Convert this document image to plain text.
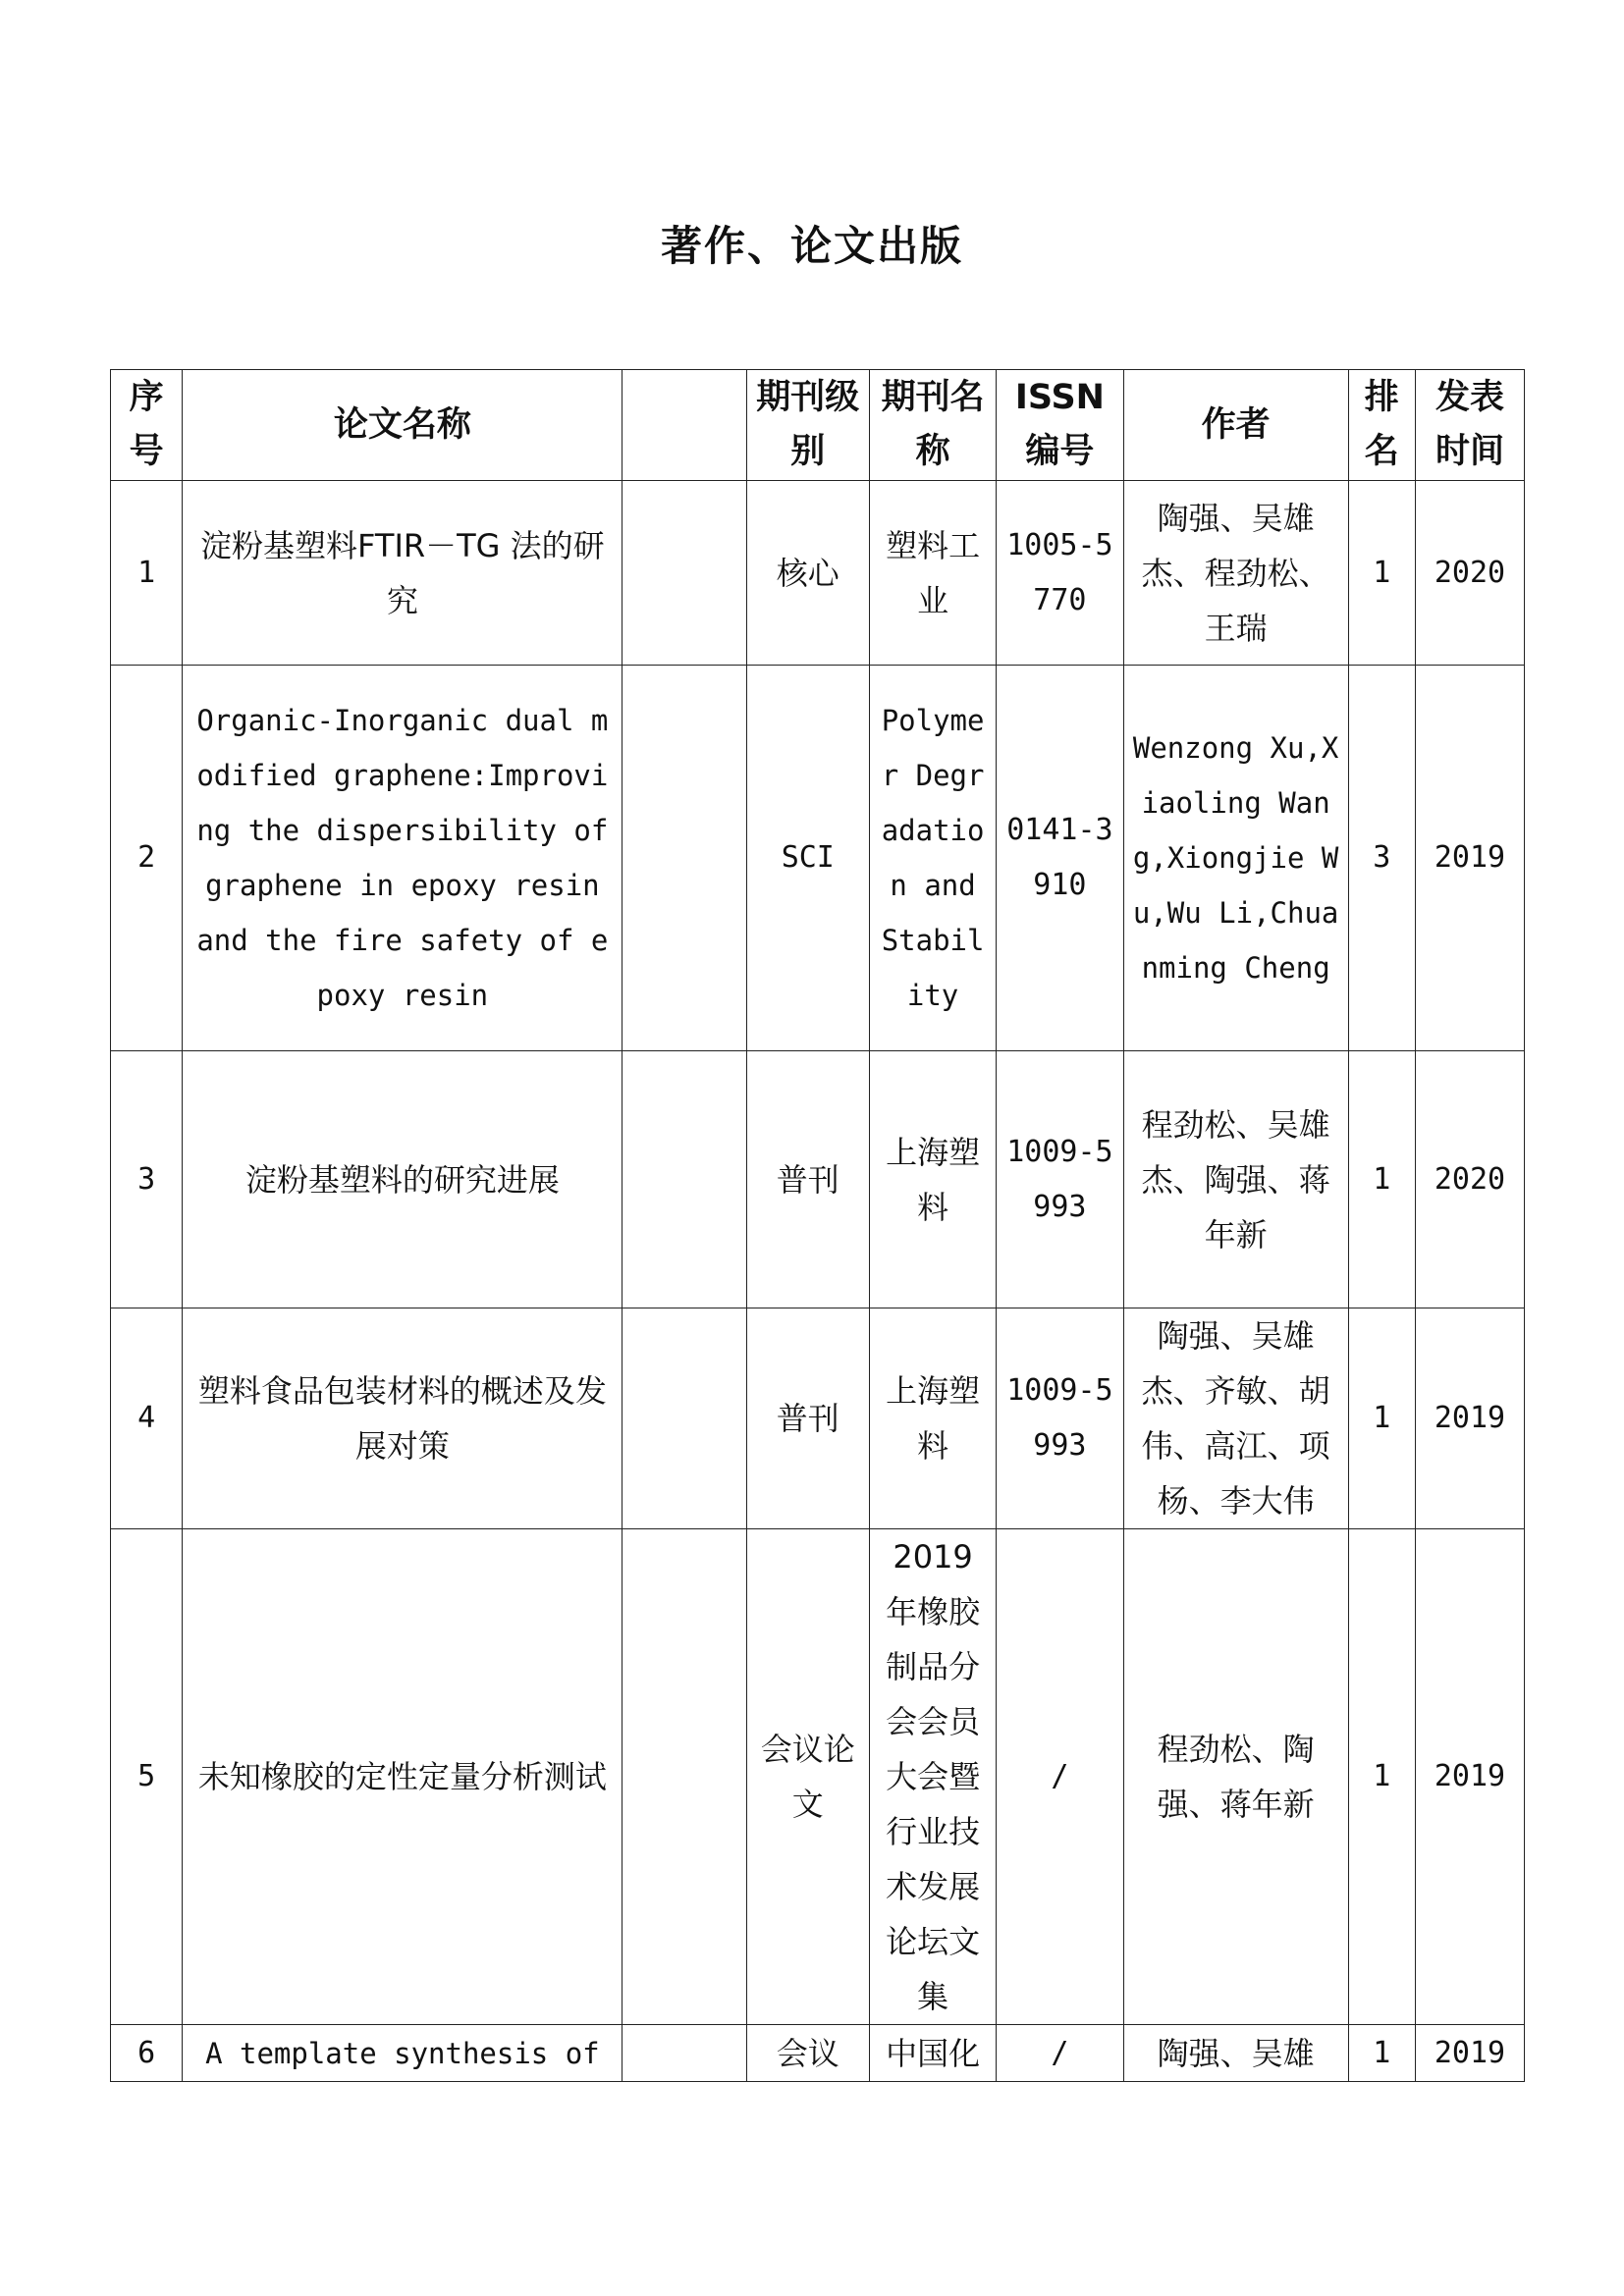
著作、论文出版
序号	论文名称		期刊级别	期刊名称	ISSN编号	作者	排名	发表时间
1	淀粉基塑料FTIR－TG 法的研究		核心	塑料工业	1005-5770	陶强、吴雄杰、程劲松、王瑞	1	2020
2	Organic-Inorganic dual modified graphene:Improving the dispersibility of graphene in epoxy resin and the fire safety of epoxy resin		SCI	Polymer Degradation and Stability	0141-3910	Wenzong Xu,Xiaoling Wang,Xiongjie Wu,Wu Li,Chuanming Cheng	3	2019
3	淀粉基塑料的研究进展		普刊	上海塑料	1009-5993	程劲松、吴雄杰、陶强、蒋年新	1	2020
4	塑料食品包装材料的概述及发展对策		普刊	上海塑料	1009-5993	陶强、吴雄杰、齐敏、胡伟、高江、项杨、李大伟	1	2019
5	未知橡胶的定性定量分析测试		会议论文	2019年橡胶制品分会会员大会暨行业技术发展论坛文集	/	程劲松、陶强、蒋年新	1	2019
6	A template synthesis of		会议	中国化	/	陶强、吴雄	1	2019
